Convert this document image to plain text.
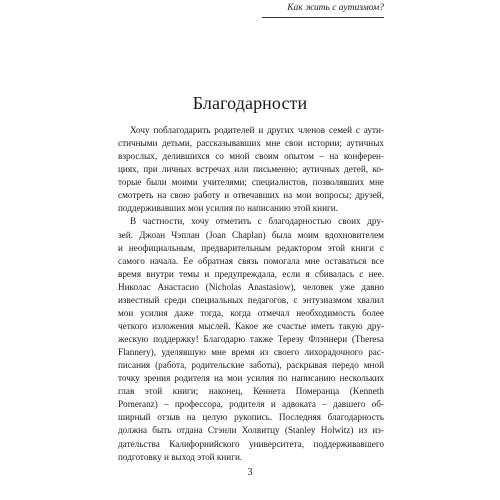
Как жить с аутизмом?
Благодарности
Хочу поблагодарить родителей и других членов семей с аути-
стичными детьми, рассказывавших мне свои истории; аутичных
взрослых, делившихся со мной своим опытом – на конферен-
циях, при личных встречах или письменно; аутичных детей, ко-
торые были моими учителями; специалистов, позволявших мне
смотреть на свою работу и отвечавших на мои вопросы; друзей,
поддерживавших мои усилия по написанию этой книги.
В частности, хочу отметить с благодарностью своих дру-
зей. Джоан Чэплан (Joan Chaplan) была моим вдохновителем
и неофициальным, предварительным редактором этой книги с
самого начала. Ее обратная связь помогала мне оставаться все
время внутри темы и предупреждала, если я сбивалась с нее.
Николас Анастасио (Nicholas Anastasiow), человек уже давно
известный среди специальных педагогов, с энтузиазмом хвалил
мои усилия даже тогда, когда отмечал необходимость более
четкого изложения мыслей. Какое же счастье иметь такую дру-
жескую поддержку! Благодарю также Терезу Флэннери (Theresa
Flannery), уделявшую мне время из своего лихорадочного рас-
писания (работа, родительские заботы), раскрывая передо мной
точку зрения родителя на мои усилия по написанию нескольких
глав этой книги; наконец, Кеннета Померанца (Kenneth
Pomeranz) – профессора, родителя и адвоката – давшего об-
ширный отзыв на целую рукопись. Последняя благодарность
должна быть отдана Стэнли Холвитцу (Stanley Holwitz) из из-
дательства Калифорнийского университета, поддерживавшего
подготовку и выход этой книги.
3
